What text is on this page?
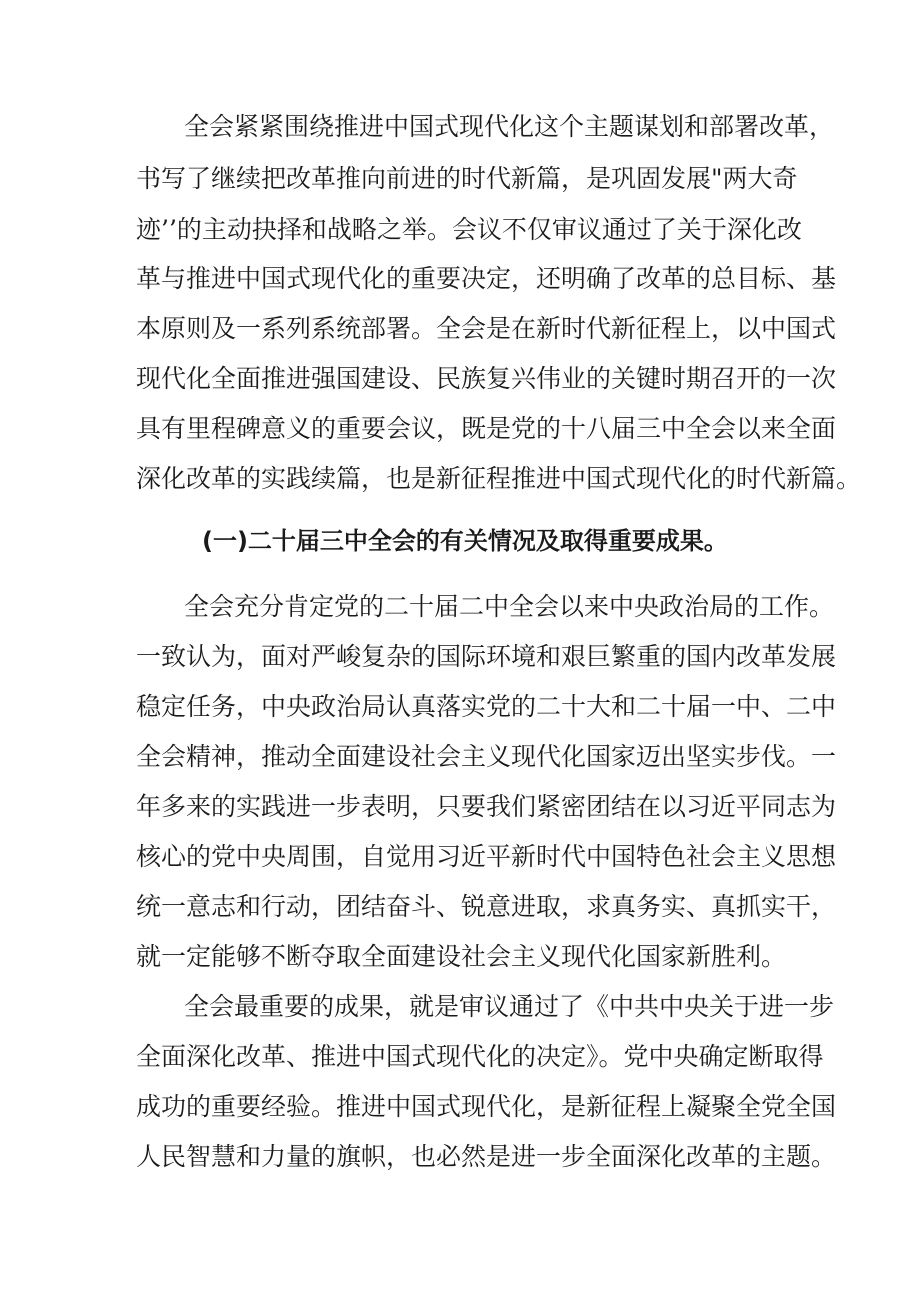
全会紧紧围绕推进中国式现代化这个主题谋划和部署改革，

书写了继续把改革推向前进的时代新篇，是巩固发展"两大奇

迹’’的主动抉择和战略之举。会议不仅审议通过了关于深化改

革与推进中国式现代化的重要决定，还明确了改革的总目标、基

本原则及一系列系统部署。全会是在新时代新征程上，以中国式

现代化全面推进强国建设、民族复兴伟业的关键时期召开的一次

具有里程碑意义的重要会议，既是党的十八届三中全会以来全面

深化改革的实践续篇，也是新征程推进中国式现代化的时代新篇。

(一)二十届三中全会的有关情况及取得重要成果。

全会充分肯定党的二十届二中全会以来中央政治局的工作。

一致认为，面对严峻复杂的国际环境和艰巨繁重的国内改革发展

稳定任务，中央政治局认真落实党的二十大和二十届一中、二中

全会精神，推动全面建设社会主义现代化国家迈出坚实步伐。一

年多来的实践进一步表明，只要我们紧密团结在以习近平同志为

核心的党中央周围，自觉用习近平新时代中国特色社会主义思想

统一意志和行动，团结奋斗、锐意进取，求真务实、真抓实干，

就一定能够不断夺取全面建设社会主义现代化国家新胜利。

全会最重要的成果，就是审议通过了《中共中央关于进一步

全面深化改革、推进中国式现代化的决定》。党中央确定断取得

成功的重要经验。推进中国式现代化，是新征程上凝聚全党全国

人民智慧和力量的旗帜，也必然是进一步全面深化改革的主题。
